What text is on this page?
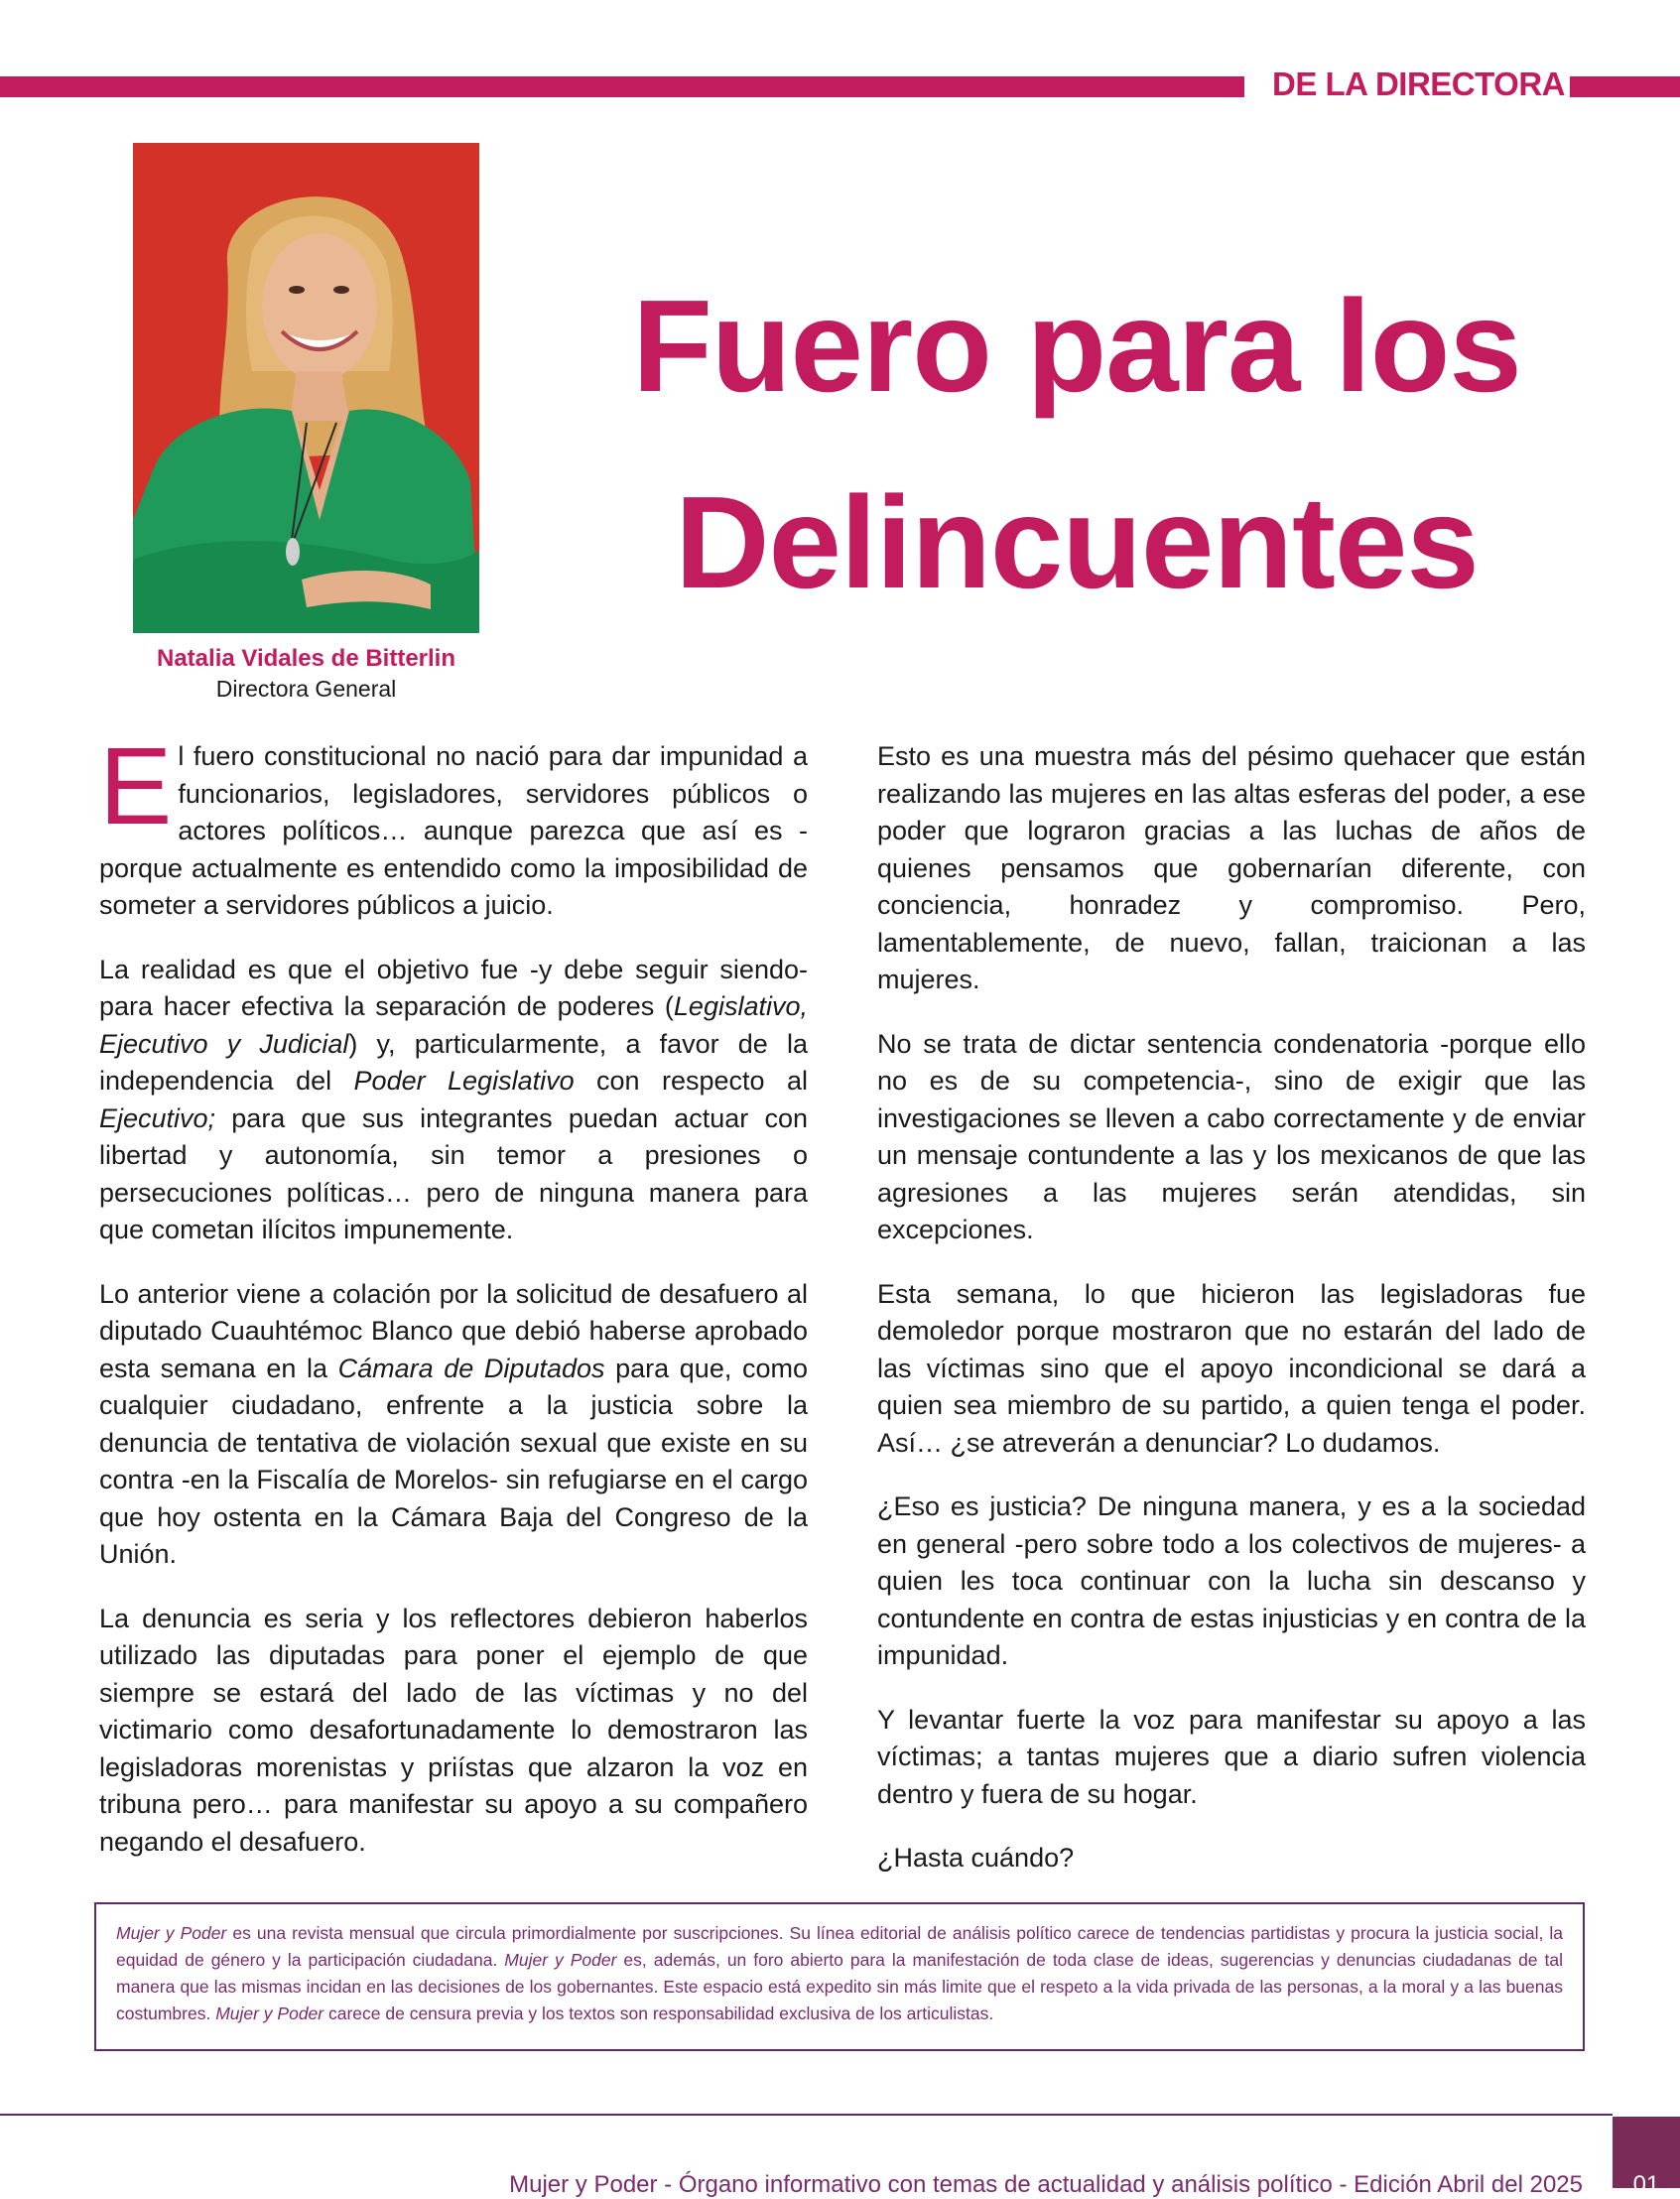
DE LA DIRECTORA
Natalia Vidales de Bitterlin
Directora General
Fuero para los
Delincuentes

El fuero constitucional no nació para dar impunidad a funcionarios, legisladores, servidores públicos o actores políticos… aunque parezca que así es -porque actualmente es entendido como la imposibilidad de someter a servidores públicos a juicio.

La realidad es que el objetivo fue -y debe seguir siendo- para hacer efectiva la separación de poderes (Legislativo, Ejecutivo y Judicial) y, particularmente, a favor de la independencia del Poder Legislativo con respecto al Ejecutivo; para que sus integrantes puedan actuar con libertad y autonomía, sin temor a presiones o persecuciones políticas… pero de ninguna manera para que cometan ilícitos impunemente.

Lo anterior viene a colación por la solicitud de desafuero al diputado Cuauhtémoc Blanco que debió haberse aprobado esta semana en la Cámara de Diputados para que, como cualquier ciudadano, enfrente a la justicia sobre la denuncia de tentativa de violación sexual que existe en su contra -en la Fiscalía de Morelos- sin refugiarse en el cargo que hoy ostenta en la Cámara Baja del Congreso de la Unión.

La denuncia es seria y los reflectores debieron haberlos utilizado las diputadas para poner el ejemplo de que siempre se estará del lado de las víctimas y no del victimario como desafortunadamente lo demostraron las legisladoras morenistas y priístas que alzaron la voz en tribuna pero… para manifestar su apoyo a su compañero negando el desafuero.

Esto es una muestra más del pésimo quehacer que están realizando las mujeres en las altas esferas del poder, a ese poder que lograron gracias a las luchas de años de quienes pensamos que gobernarían diferente, con conciencia, honradez y compromiso. Pero, lamentablemente, de nuevo, fallan, traicionan a las mujeres.

No se trata de dictar sentencia condenatoria -porque ello no es de su competencia-, sino de exigir que las investigaciones se lleven a cabo correctamente y de enviar un mensaje contundente a las y los mexicanos de que las agresiones a las mujeres serán atendidas, sin excepciones.

Esta semana, lo que hicieron las legisladoras fue demoledor porque mostraron que no estarán del lado de las víctimas sino que el apoyo incondicional se dará a quien sea miembro de su partido, a quien tenga el poder. Así… ¿se atreverán a denunciar? Lo dudamos.

¿Eso es justicia? De ninguna manera, y es a la sociedad en general -pero sobre todo a los colectivos de mujeres- a quien les toca continuar con la lucha sin descanso y contundente en contra de estas injusticias y en contra de la impunidad.

Y levantar fuerte la voz para manifestar su apoyo a las víctimas; a tantas mujeres que a diario sufren violencia dentro y fuera de su hogar.

¿Hasta cuándo?

Mujer y Poder es una revista mensual que circula primordialmente por suscripciones. Su línea editorial de análisis político carece de tendencias partidistas y procura la justicia social, la equidad de género y la participación ciudadana. Mujer y Poder es, además, un foro abierto para la manifestación de toda clase de ideas, sugerencias y denuncias ciudadanas de tal manera que las mismas incidan en las decisiones de los gobernantes. Este espacio está expedito sin más limite que el respeto a la vida privada de las personas, a la moral y a las buenas costumbres. Mujer y Poder carece de censura previa y los textos son responsabilidad exclusiva de los articulistas.
Mujer y Poder - Órgano informativo con temas de actualidad y análisis político - Edición Abril del 2025	01
